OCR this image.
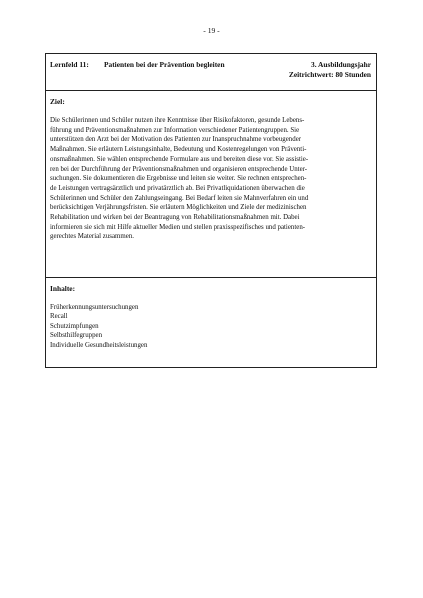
- 19 -
Lernfeld 11: Patienten bei der Prävention begleiten	3. Ausbildungsjahr
Zeitrichtwert: 80 Stunden
Ziel:
Die Schülerinnen und Schüler nutzen ihre Kenntnisse über Risikofaktoren, gesunde Lebens-
führung und Präventionsmaßnahmen zur Information verschiedener Patientengruppen. Sie
unterstützen den Arzt bei der Motivation des Patienten zur Inanspruchnahme vorbeugender
Maßnahmen. Sie erläutern Leistungsinhalte, Bedeutung und Kostenregelungen von Präventi-
onsmaßnahmen. Sie wählen entsprechende Formulare aus und bereiten diese vor. Sie assistie-
ren bei der Durchführung der Präventionsmaßnahmen und organisieren entsprechende Unter-
suchungen. Sie dokumentieren die Ergebnisse und leiten sie weiter. Sie rechnen entsprechen-
de Leistungen vertragsärztlich und privatärztlich ab. Bei Privatliquidationen überwachen die
Schülerinnen und Schüler den Zahlungseingang. Bei Bedarf leiten sie Mahnverfahren ein und
berücksichtigen Verjährungsfristen. Sie erläutern Möglichkeiten und Ziele der medizinischen
Rehabilitation und wirken bei der Beantragung von Rehabilitationsmaßnahmen mit. Dabei
informieren sie sich mit Hilfe aktueller Medien und stellen praxisspezifisches und patienten-
gerechtes Material zusammen.
Inhalte:
Früherkennungsuntersuchungen
Recall
Schutzimpfungen
Selbsthilfegruppen
Individuelle Gesundheitsleistungen
